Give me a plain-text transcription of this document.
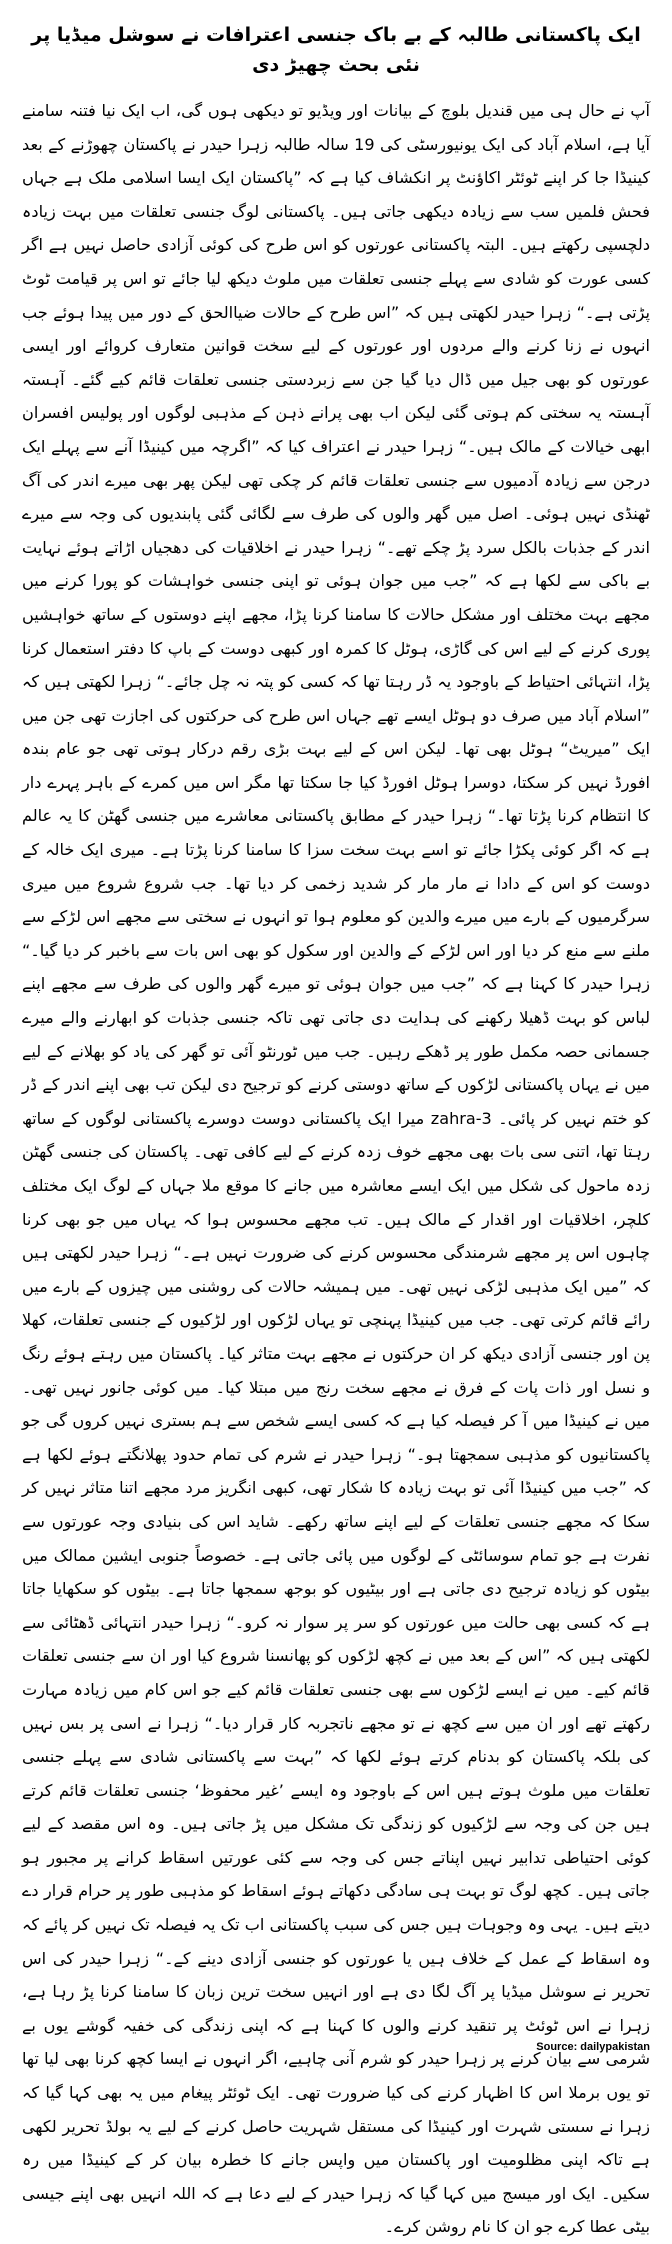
ایک پاکستانی طالبہ کے بے باک جنسی اعترافات نے سوشل میڈیا پر نئی بحث چھیڑ دی

آپ نے حال ہی میں قندیل بلوچ کے بیانات اور ویڈیو تو دیکھی ہوں گی، اب ایک نیا فتنہ سامنے آیا ہے، اسلام آباد کی ایک یونیورسٹی کی 19 سالہ طالبہ زہرا حیدر نے پاکستان چھوڑنے کے بعد کینیڈا جا کر اپنے ٹوئٹر اکاؤنٹ پر انکشاف کیا ہے کہ ”پاکستان ایک ایسا اسلامی ملک ہے جہاں فحش فلمیں سب سے زیادہ دیکھی جاتی ہیں۔ پاکستانی لوگ جنسی تعلقات میں بہت زیادہ دلچسپی رکھتے ہیں۔ البتہ پاکستانی عورتوں کو اس طرح کی کوئی آزادی حاصل نہیں ہے اگر کسی عورت کو شادی سے پہلے جنسی تعلقات میں ملوث دیکھ لیا جائے تو اس پر قیامت ٹوٹ پڑتی ہے۔“ زہرا حیدر لکھتی ہیں کہ ”اس طرح کے حالات ضیاالحق کے دور میں پیدا ہوئے جب انہوں نے زنا کرنے والے مردوں اور عورتوں کے لیے سخت قوانین متعارف کروائے اور ایسی عورتوں کو بھی جیل میں ڈال دیا گیا جن سے زبردستی جنسی تعلقات قائم کیے گئے۔ آہستہ آہستہ یہ سختی کم ہوتی گئی لیکن اب بھی پرانے ذہن کے مذہبی لوگوں اور پولیس افسران ابھی خیالات کے مالک ہیں۔“ زہرا حیدر نے اعتراف کیا کہ ”اگرچہ میں کینیڈا آنے سے پہلے ایک درجن سے زیادہ آدمیوں سے جنسی تعلقات قائم کر چکی تھی لیکن پھر بھی میرے اندر کی آگ ٹھنڈی نہیں ہوئی۔ اصل میں گھر والوں کی طرف سے لگائی گئی پابندیوں کی وجہ سے میرے اندر کے جذبات بالکل سرد پڑ چکے تھے۔“ زہرا حیدر نے اخلاقیات کی دھجیاں اڑاتے ہوئے نہایت بے باکی سے لکھا ہے کہ ”جب میں جوان ہوئی تو اپنی جنسی خواہشات کو پورا کرنے میں مجھے بہت مختلف اور مشکل حالات کا سامنا کرنا پڑا، مجھے اپنے دوستوں کے ساتھ خواہشیں پوری کرنے کے لیے اس کی گاڑی، ہوٹل کا کمرہ اور کبھی دوست کے باپ کا دفتر استعمال کرنا پڑا، انتہائی احتیاط کے باوجود یہ ڈر رہتا تھا کہ کسی کو پتہ نہ چل جائے۔“ زہرا لکھتی ہیں کہ ”اسلام آباد میں صرف دو ہوٹل ایسے تھے جہاں اس طرح کی حرکتوں کی اجازت تھی جن میں ایک ”میریٹ“ ہوٹل بھی تھا۔ لیکن اس کے لیے بہت بڑی رقم درکار ہوتی تھی جو عام بندہ افورڈ نہیں کر سکتا، دوسرا ہوٹل افورڈ کیا جا سکتا تھا مگر اس میں کمرے کے باہر پہرے دار کا انتظام کرنا پڑتا تھا۔“ زہرا حیدر کے مطابق پاکستانی معاشرے میں جنسی گھٹن کا یہ عالم ہے کہ اگر کوئی پکڑا جائے تو اسے بہت سخت سزا کا سامنا کرنا پڑتا ہے۔ میری ایک خالہ کے دوست کو اس کے دادا نے مار مار کر شدید زخمی کر دیا تھا۔ جب شروع شروع میں میری سرگرمیوں کے بارے میں میرے والدین کو معلوم ہوا تو انہوں نے سختی سے مجھے اس لڑکے سے ملنے سے منع کر دیا اور اس لڑکے کے والدین اور سکول کو بھی اس بات سے باخبر کر دیا گیا۔“ زہرا حیدر کا کہنا ہے کہ ”جب میں جوان ہوئی تو میرے گھر والوں کی طرف سے مجھے اپنے لباس کو بہت ڈھیلا رکھنے کی ہدایت دی جاتی تھی تاکہ جنسی جذبات کو ابھارنے والے میرے جسمانی حصہ مکمل طور پر ڈھکے رہیں۔ جب میں ٹورنٹو آئی تو گھر کی یاد کو بھلانے کے لیے میں نے یہاں پاکستانی لڑکوں کے ساتھ دوستی کرنے کو ترجیح دی لیکن تب بھی اپنے اندر کے ڈر کو ختم نہیں کر پائی۔ zahra-3 میرا ایک پاکستانی دوست دوسرے پاکستانی لوگوں کے ساتھ رہتا تھا، اتنی سی بات بھی مجھے خوف زدہ کرنے کے لیے کافی تھی۔ پاکستان کی جنسی گھٹن زدہ ماحول کی شکل میں ایک ایسے معاشرہ میں جانے کا موقع ملا جہاں کے لوگ ایک مختلف کلچر، اخلاقیات اور اقدار کے مالک ہیں۔ تب مجھے محسوس ہوا کہ یہاں میں جو بھی کرنا چاہوں اس پر مجھے شرمندگی محسوس کرنے کی ضرورت نہیں ہے۔“ زہرا حیدر لکھتی ہیں کہ ”میں ایک مذہبی لڑکی نہیں تھی۔ میں ہمیشہ حالات کی روشنی میں چیزوں کے بارے میں رائے قائم کرتی تھی۔ جب میں کینیڈا پہنچی تو یہاں لڑکوں اور لڑکیوں کے جنسی تعلقات، کھلا پن اور جنسی آزادی دیکھ کر ان حرکتوں نے مجھے بہت متاثر کیا۔ پاکستان میں رہتے ہوئے رنگ و نسل اور ذات پات کے فرق نے مجھے سخت رنج میں مبتلا کیا۔ میں کوئی جانور نہیں تھی۔ میں نے کینیڈا میں آ کر فیصلہ کیا ہے کہ کسی ایسے شخص سے ہم بستری نہیں کروں گی جو پاکستانیوں کو مذہبی سمجھتا ہو۔“ زہرا حیدر نے شرم کی تمام حدود پھلانگتے ہوئے لکھا ہے کہ ”جب میں کینیڈا آئی تو بہت زیادہ کا شکار تھی، کبھی انگریز مرد مجھے اتنا متاثر نہیں کر سکا کہ مجھے جنسی تعلقات کے لیے اپنے ساتھ رکھے۔ شاید اس کی بنیادی وجہ عورتوں سے نفرت ہے جو تمام سوسائٹی کے لوگوں میں پائی جاتی ہے۔ خصوصاً جنوبی ایشین ممالک میں بیٹوں کو زیادہ ترجیح دی جاتی ہے اور بیٹیوں کو بوجھ سمجھا جاتا ہے۔ بیٹوں کو سکھایا جاتا ہے کہ کسی بھی حالت میں عورتوں کو سر پر سوار نہ کرو۔“ زہرا حیدر انتہائی ڈھٹائی سے لکھتی ہیں کہ ”اس کے بعد میں نے کچھ لڑکوں کو پھانسنا شروع کیا اور ان سے جنسی تعلقات قائم کیے۔ میں نے ایسے لڑکوں سے بھی جنسی تعلقات قائم کیے جو اس کام میں زیادہ مہارت رکھتے تھے اور ان میں سے کچھ نے تو مجھے ناتجربہ کار قرار دیا۔“ زہرا نے اسی پر بس نہیں کی بلکہ پاکستان کو بدنام کرتے ہوئے لکھا کہ ”بہت سے پاکستانی شادی سے پہلے جنسی تعلقات میں ملوث ہوتے ہیں اس کے باوجود وہ ایسے ’غیر محفوظ‘ جنسی تعلقات قائم کرتے ہیں جن کی وجہ سے لڑکیوں کو زندگی تک مشکل میں پڑ جاتی ہیں۔ وہ اس مقصد کے لیے کوئی احتیاطی تدابیر نہیں اپناتے جس کی وجہ سے کئی عورتیں اسقاط کرانے پر مجبور ہو جاتی ہیں۔ کچھ لوگ تو بہت ہی سادگی دکھاتے ہوئے اسقاط کو مذہبی طور پر حرام قرار دے دیتے ہیں۔ یہی وہ وجوہات ہیں جس کی سبب پاکستانی اب تک یہ فیصلہ تک نہیں کر پائے کہ وہ اسقاط کے عمل کے خلاف ہیں یا عورتوں کو جنسی آزادی دینے کے۔“ زہرا حیدر کی اس تحریر نے سوشل میڈیا پر آگ لگا دی ہے اور انہیں سخت ترین زبان کا سامنا کرنا پڑ رہا ہے، زہرا نے اس ٹوئٹ پر تنقید کرنے والوں کا کہنا ہے کہ اپنی زندگی کی خفیہ گوشے یوں بے شرمی سے بیان کرنے پر زہرا حیدر کو شرم آنی چاہیے، اگر انہوں نے ایسا کچھ کرنا بھی لیا تھا تو یوں برملا اس کا اظہار کرنے کی کیا ضرورت تھی۔ ایک ٹوئٹر پیغام میں یہ بھی کہا گیا کہ زہرا نے سستی شہرت اور کینیڈا کی مستقل شہریت حاصل کرنے کے لیے یہ بولڈ تحریر لکھی ہے تاکہ اپنی مظلومیت اور پاکستان میں واپس جانے کا خطرہ بیان کر کے کینیڈا میں رہ سکیں۔ ایک اور میسج میں کہا گیا کہ زہرا حیدر کے لیے دعا ہے کہ اللہ انہیں بھی اپنے جیسی بیٹی عطا کرے جو ان کا نام روشن کرے۔

Source: dailypakistan
